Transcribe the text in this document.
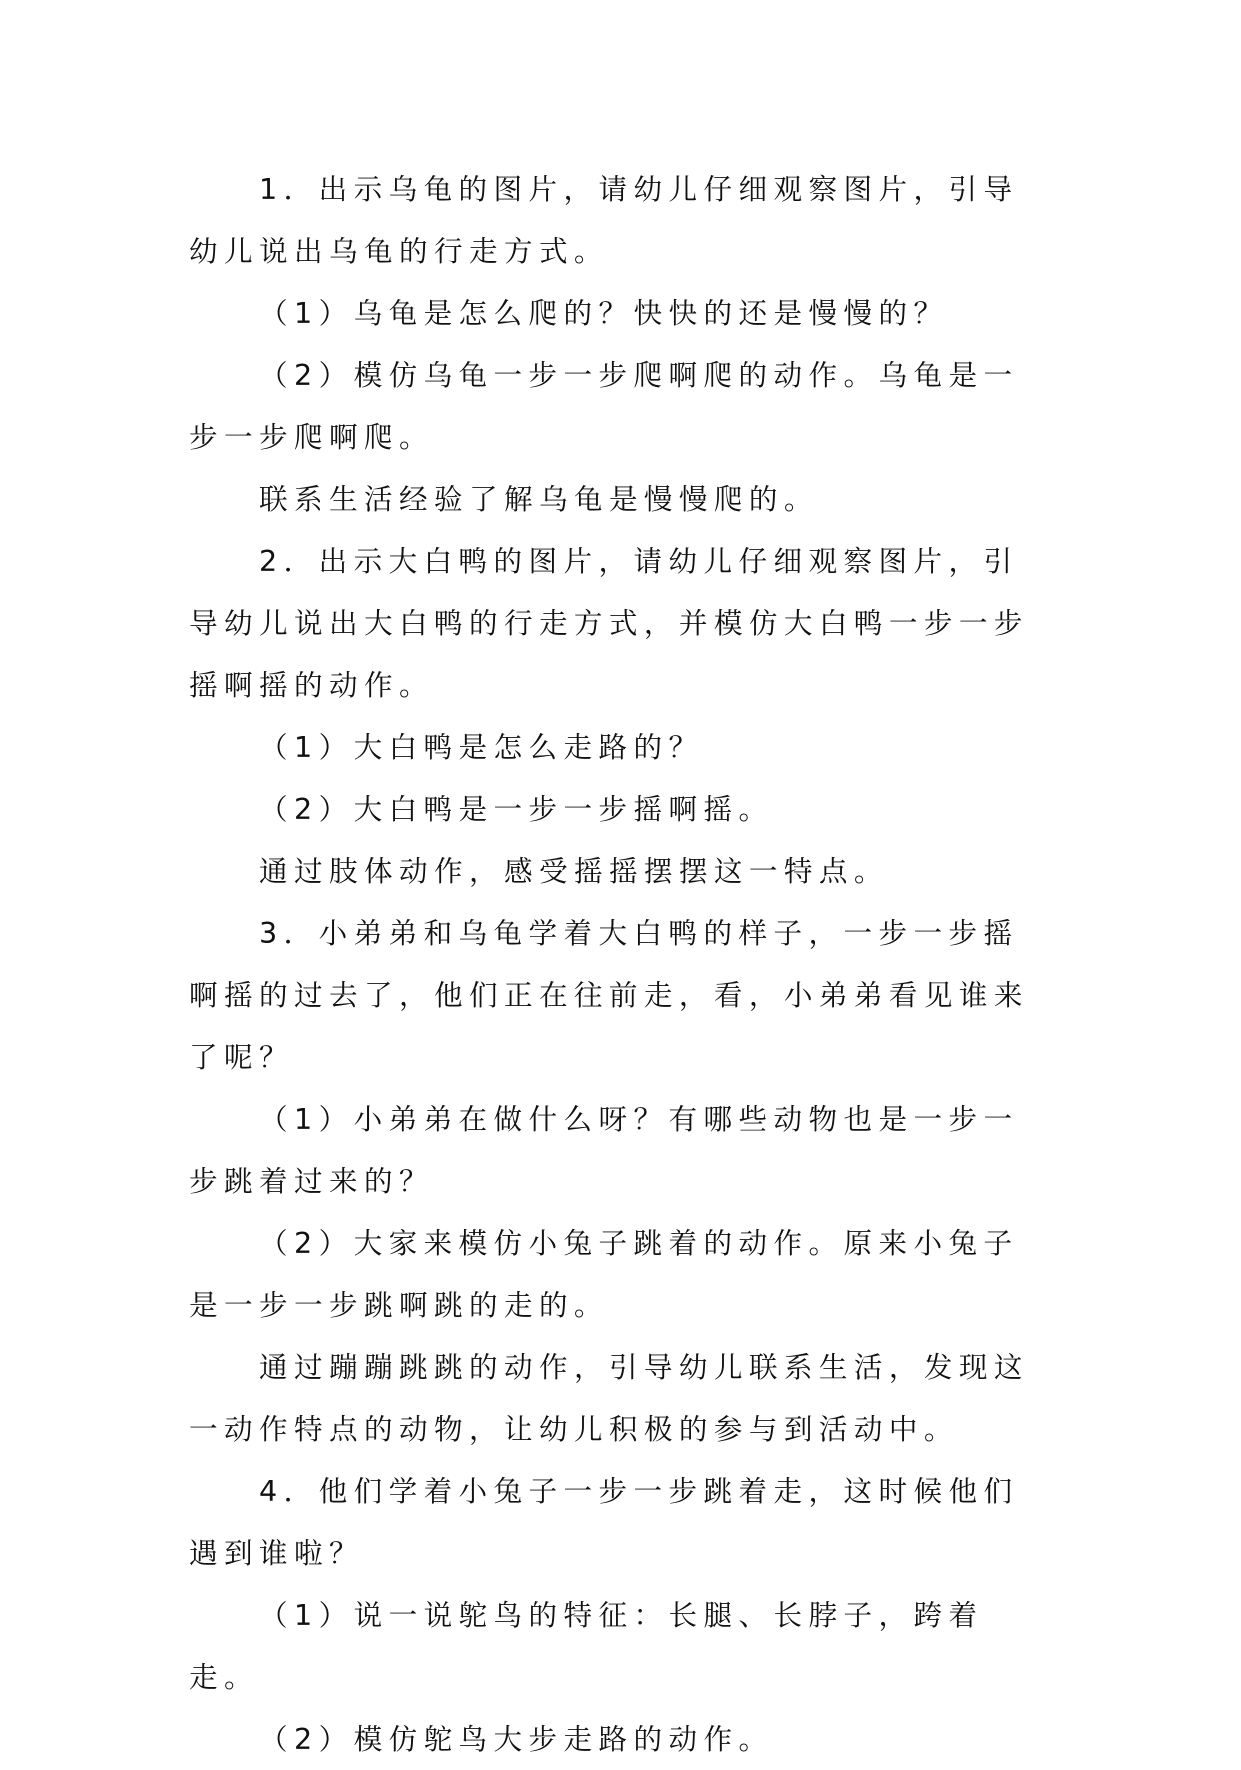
1．出示乌龟的图片，请幼儿仔细观察图片，引导幼儿说出乌龟的行走方式。

（1）乌龟是怎么爬的？快快的还是慢慢的？

（2）模仿乌龟一步一步爬啊爬的动作。乌龟是一步一步爬啊爬。

联系生活经验了解乌龟是慢慢爬的。

2．出示大白鸭的图片，请幼儿仔细观察图片，引导幼儿说出大白鸭的行走方式，并模仿大白鸭一步一步摇啊摇的动作。

（1）大白鸭是怎么走路的？

（2）大白鸭是一步一步摇啊摇。

通过肢体动作，感受摇摇摆摆这一特点。

3．小弟弟和乌龟学着大白鸭的样子，一步一步摇啊摇的过去了，他们正在往前走，看，小弟弟看见谁来了呢？

（1）小弟弟在做什么呀？有哪些动物也是一步一步跳着过来的？

（2）大家来模仿小兔子跳着的动作。原来小兔子是一步一步跳啊跳的走的。

通过蹦蹦跳跳的动作，引导幼儿联系生活，发现这一动作特点的动物，让幼儿积极的参与到活动中。

4．他们学着小兔子一步一步跳着走，这时候他们遇到谁啦？

（1）说一说鸵鸟的特征：长腿、长脖子，跨着走。

（2）模仿鸵鸟大步走路的动作。
